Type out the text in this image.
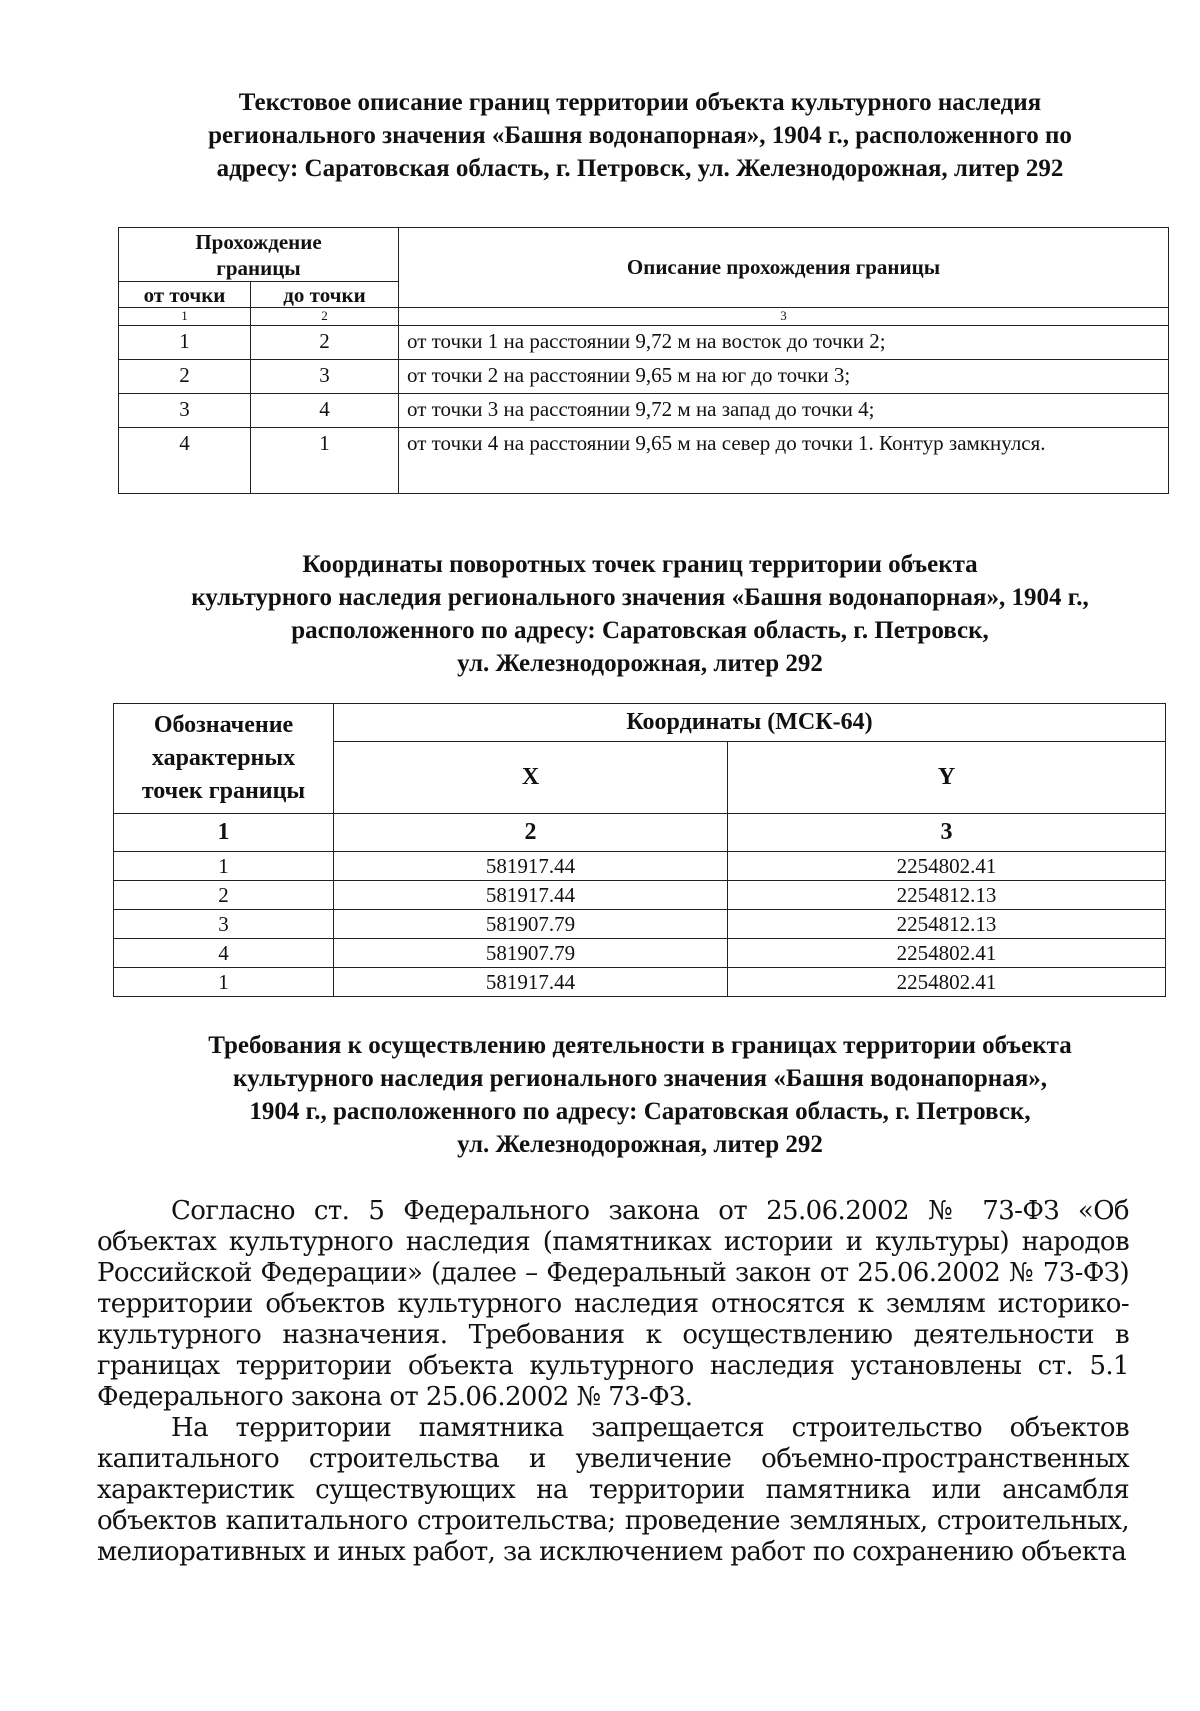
Текстовое описание границ территории объекта культурного наследия
регионального значения «Башня водонапорная», 1904 г., расположенного по
адресу: Саратовская область, г. Петровск, ул. Железнодорожная, литер 292
Прохождение границы		Описание прохождения границы
от точки	до точки	
1	2	3
1	2	от точки 1 на расстоянии 9,72 м на восток до точки 2;
2	3	от точки 2 на расстоянии 9,65 м на юг до точки 3;
3	4	от точки 3 на расстоянии 9,72 м на запад до точки 4;
4	1	от точки 4 на расстоянии 9,65 м на север до точки 1. Контур замкнулся.
Координаты поворотных точек границ территории объекта
культурного наследия регионального значения «Башня водонапорная», 1904 г.,
расположенного по адресу: Саратовская область, г. Петровск,
ул. Железнодорожная, литер 292
Обозначение характерных точек границы	Координаты (МСК-64)	
	X	Y
1	2	3
1	581917.44	2254802.41
2	581917.44	2254812.13
3	581907.79	2254812.13
4	581907.79	2254802.41
1	581917.44	2254802.41
Требования к осуществлению деятельности в границах территории объекта
культурного наследия регионального значения «Башня водонапорная»,
1904 г., расположенного по адресу: Саратовская область, г. Петровск,
ул. Железнодорожная, литер 292
Согласно ст. 5 Федерального закона от 25.06.2002 № 73-ФЗ «Об объектах культурного наследия (памятниках истории и культуры) народов Российской Федерации» (далее – Федеральный закон от 25.06.2002 № 73-ФЗ) территории объектов культурного наследия относятся к землям историко-культурного назначения. Требования к осуществлению деятельности в границах территории объекта культурного наследия установлены ст. 5.1 Федерального закона от 25.06.2002 № 73-ФЗ.
На территории памятника запрещается строительство объектов капитального строительства и увеличение объемно-пространственных характеристик существующих на территории памятника или ансамбля объектов капитального строительства; проведение земляных, строительных, мелиоративных и иных работ, за исключением работ по сохранению объекта
